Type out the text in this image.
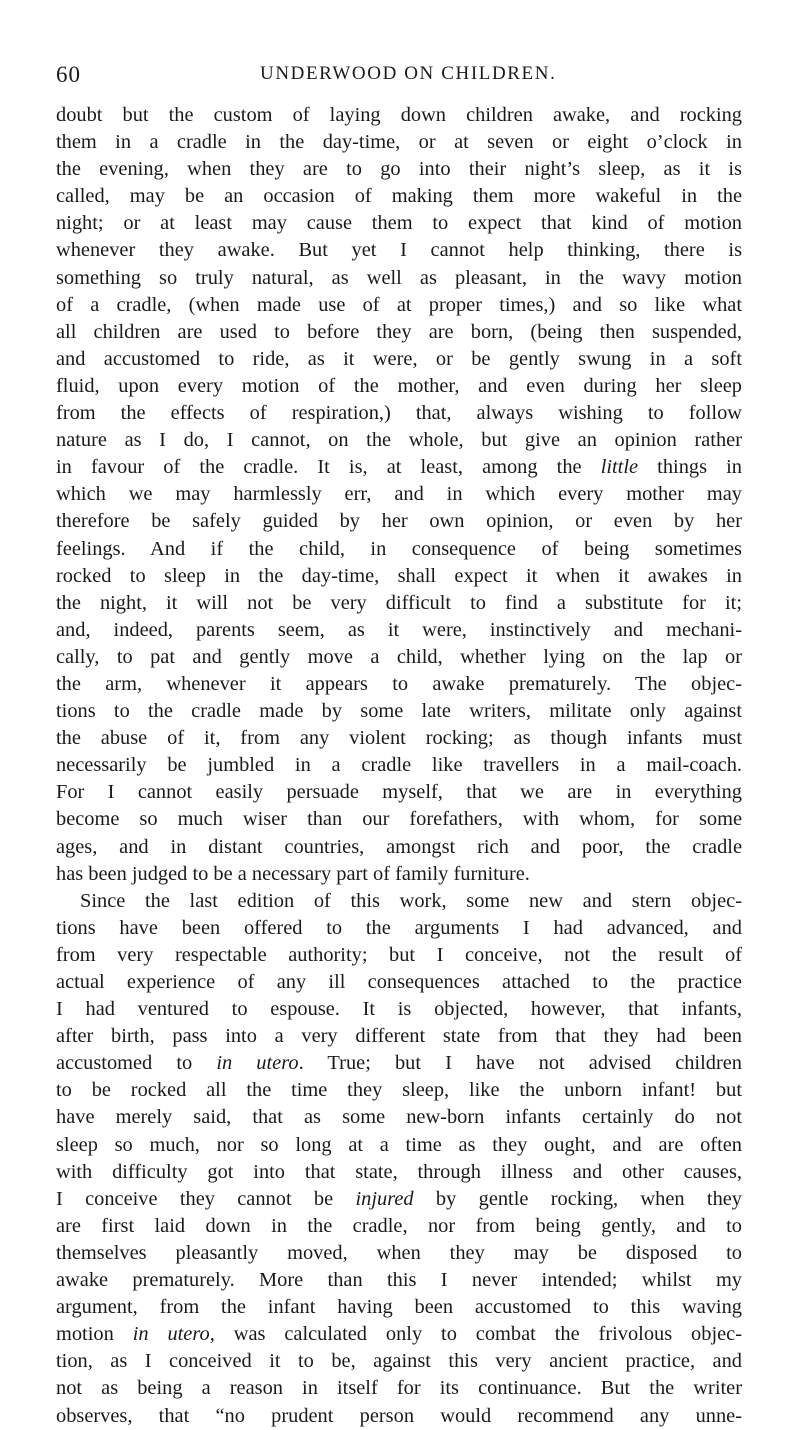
60	UNDERWOOD ON CHILDREN.
doubt but the custom of laying down children awake, and rocking
them in a cradle in the day-time, or at seven or eight o’clock in
the evening, when they are to go into their night’s sleep, as it is
called, may be an occasion of making them more wakeful in the
night; or at least may cause them to expect that kind of motion
whenever they awake. But yet I cannot help thinking, there is
something so truly natural, as well as pleasant, in the wavy motion
of a cradle, (when made use of at proper times,) and so like what
all children are used to before they are born, (being then suspended,
and accustomed to ride, as it were, or be gently swung in a soft
fluid, upon every motion of the mother, and even during her sleep
from the effects of respiration,) that, always wishing to follow
nature as I do, I cannot, on the whole, but give an opinion rather
in favour of the cradle. It is, at least, among the little things in
which we may harmlessly err, and in which every mother may
therefore be safely guided by her own opinion, or even by her
feelings. And if the child, in consequence of being sometimes
rocked to sleep in the day-time, shall expect it when it awakes in
the night, it will not be very difficult to find a substitute for it;
and, indeed, parents seem, as it were, instinctively and mechani-
cally, to pat and gently move a child, whether lying on the lap or
the arm, whenever it appears to awake prematurely. The objec-
tions to the cradle made by some late writers, militate only against
the abuse of it, from any violent rocking; as though infants must
necessarily be jumbled in a cradle like travellers in a mail-coach.
For I cannot easily persuade myself, that we are in everything
become so much wiser than our forefathers, with whom, for some
ages, and in distant countries, amongst rich and poor, the cradle
has been judged to be a necessary part of family furniture.
Since the last edition of this work, some new and stern objec-
tions have been offered to the arguments I had advanced, and
from very respectable authority; but I conceive, not the result of
actual experience of any ill consequences attached to the practice
I had ventured to espouse. It is objected, however, that infants,
after birth, pass into a very different state from that they had been
accustomed to in utero. True; but I have not advised children
to be rocked all the time they sleep, like the unborn infant! but
have merely said, that as some new-born infants certainly do not
sleep so much, nor so long at a time as they ought, and are often
with difficulty got into that state, through illness and other causes,
I conceive they cannot be injured by gentle rocking, when they
are first laid down in the cradle, nor from being gently, and to
themselves pleasantly moved, when they may be disposed to
awake prematurely. More than this I never intended; whilst my
argument, from the infant having been accustomed to this waving
motion in utero, was calculated only to combat the frivolous objec-
tion, as I conceived it to be, against this very ancient practice, and
not as being a reason in itself for its continuance. But the writer
observes, that “no prudent person would recommend any unne-
